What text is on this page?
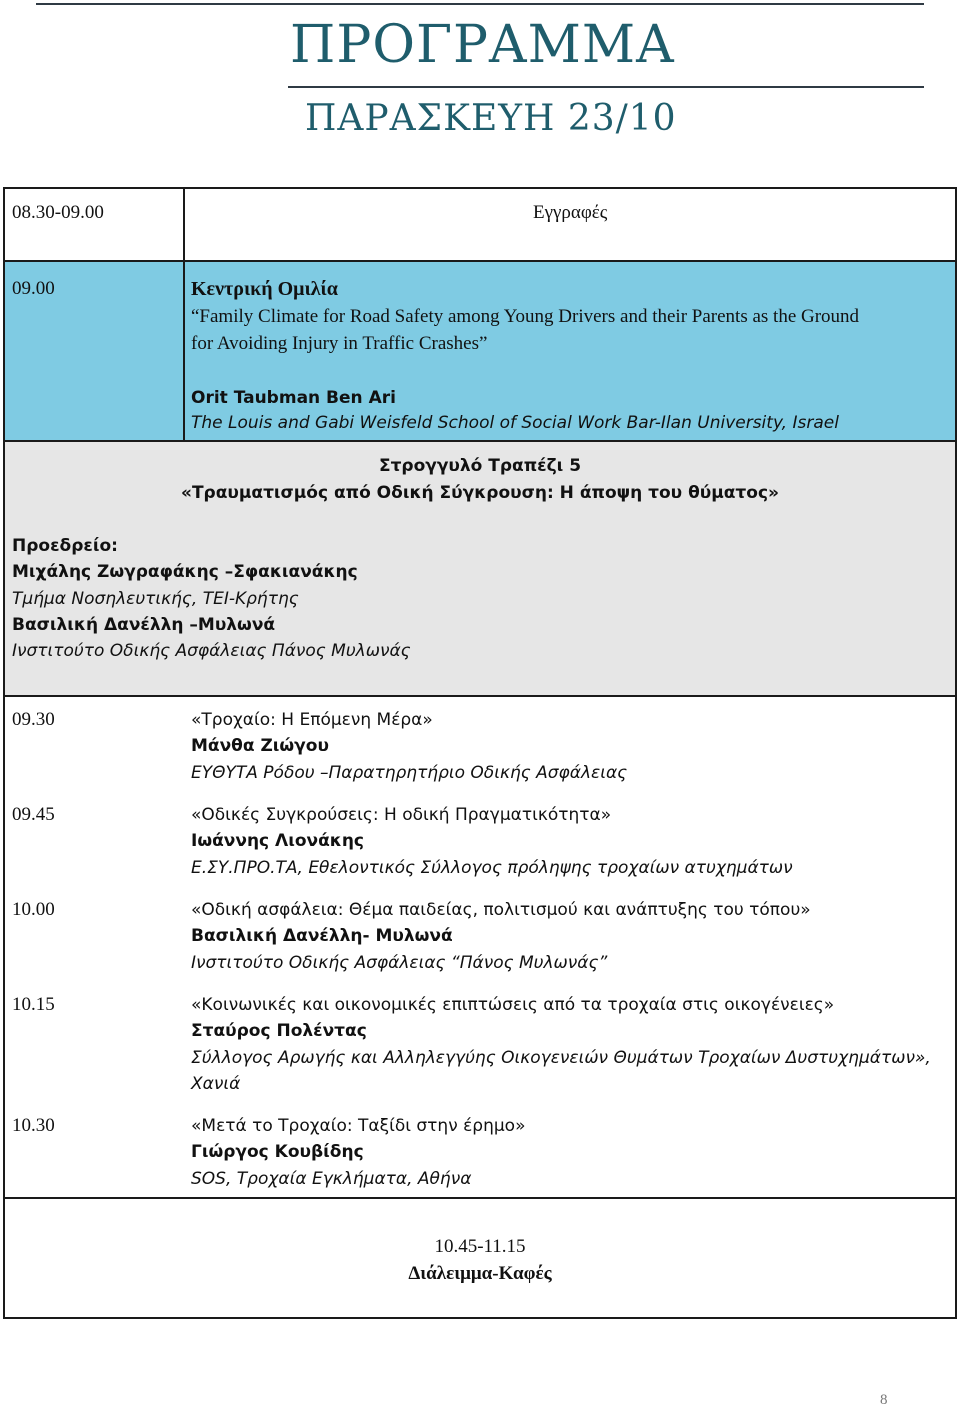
ΠΡΟΓΡΑΜΜΑ
ΠΑΡΑΣΚΕΥΗ 23/10
08.30-09.00	Εγγραφές
09.00	Κεντρική Ομιλία
“Family Climate for Road Safety among Young Drivers and their Parents as the Ground
for Avoiding Injury in Traffic Crashes”
Orit Taubman Ben Ari
The Louis and Gabi Weisfeld School of Social Work Bar-Ilan University, Israel
Στρογγυλό Τραπέζι 5
«Τραυματισμός από Οδική Σύγκρουση: Η άποψη του θύματος»
Προεδρείο:
Μιχάλης Ζωγραφάκης –Σφακιανάκης
Τμήμα Νοσηλευτικής, ΤΕΙ-Κρήτης
Βασιλική Δανέλλη –Μυλωνά
Ινστιτούτο Οδικής Ασφάλειας Πάνος Μυλωνάς
09.30	«Τροχαίο: Η Επόμενη Μέρα»
Μάνθα Ζιώγου
ΕΥΘΥΤΑ Ρόδου –Παρατηρητήριο Οδικής Ασφάλειας
09.45	«Οδικές Συγκρούσεις: Η οδική Πραγματικότητα»
Ιωάννης Λιονάκης
Ε.ΣΥ.ΠΡΟ.ΤΑ, Εθελοντικός Σύλλογος πρόληψης τροχαίων ατυχημάτων
10.00	«Οδική ασφάλεια: Θέμα παιδείας, πολιτισμού και ανάπτυξης του τόπου»
Βασιλική Δανέλλη- Μυλωνά
Ινστιτούτο Οδικής Ασφάλειας “Πάνος Μυλωνάς”
10.15	«Κοινωνικές και οικονομικές επιπτώσεις από τα τροχαία στις οικογένειες»
Σταύρος Πολέντας
Σύλλογος Αρωγής και Αλληλεγγύης Οικογενειών Θυμάτων Τροχαίων Δυστυχημάτων»,
Χανιά
10.30	«Μετά το Τροχαίο: Ταξίδι στην έρημο»
Γιώργος Κουβίδης
SOS, Τροχαία Εγκλήματα, Αθήνα
10.45-11.15
Διάλειμμα-Καφές
8
